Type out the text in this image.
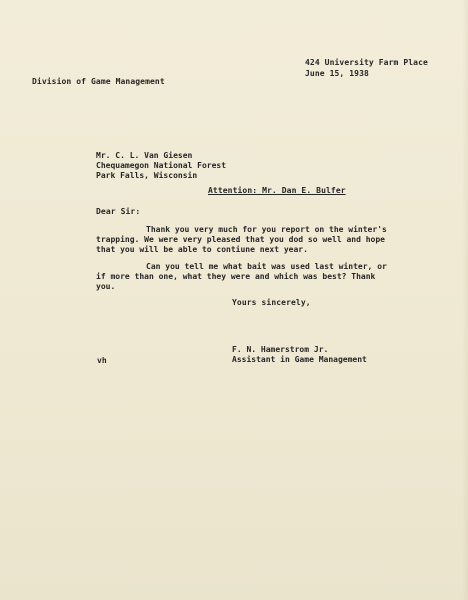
424 University Farm Place
June 15, 1938
Division of Game Management
Mr. C. L. Van Giesen
Chequamegon National Forest
Park Falls, Wisconsin
Attention: Mr. Dan E. Bulfer
Dear Sir:
Thank you very much for you report on the winter's
trapping. We were very pleased that you dod so well and hope
that you will be able to contiune next year.
Can you tell me what bait was used last winter, or
if more than one, what they were and which was best? Thank
you.
Yours sincerely,
F. N. Hamerstrom Jr.
Assistant in Game Management
vh
